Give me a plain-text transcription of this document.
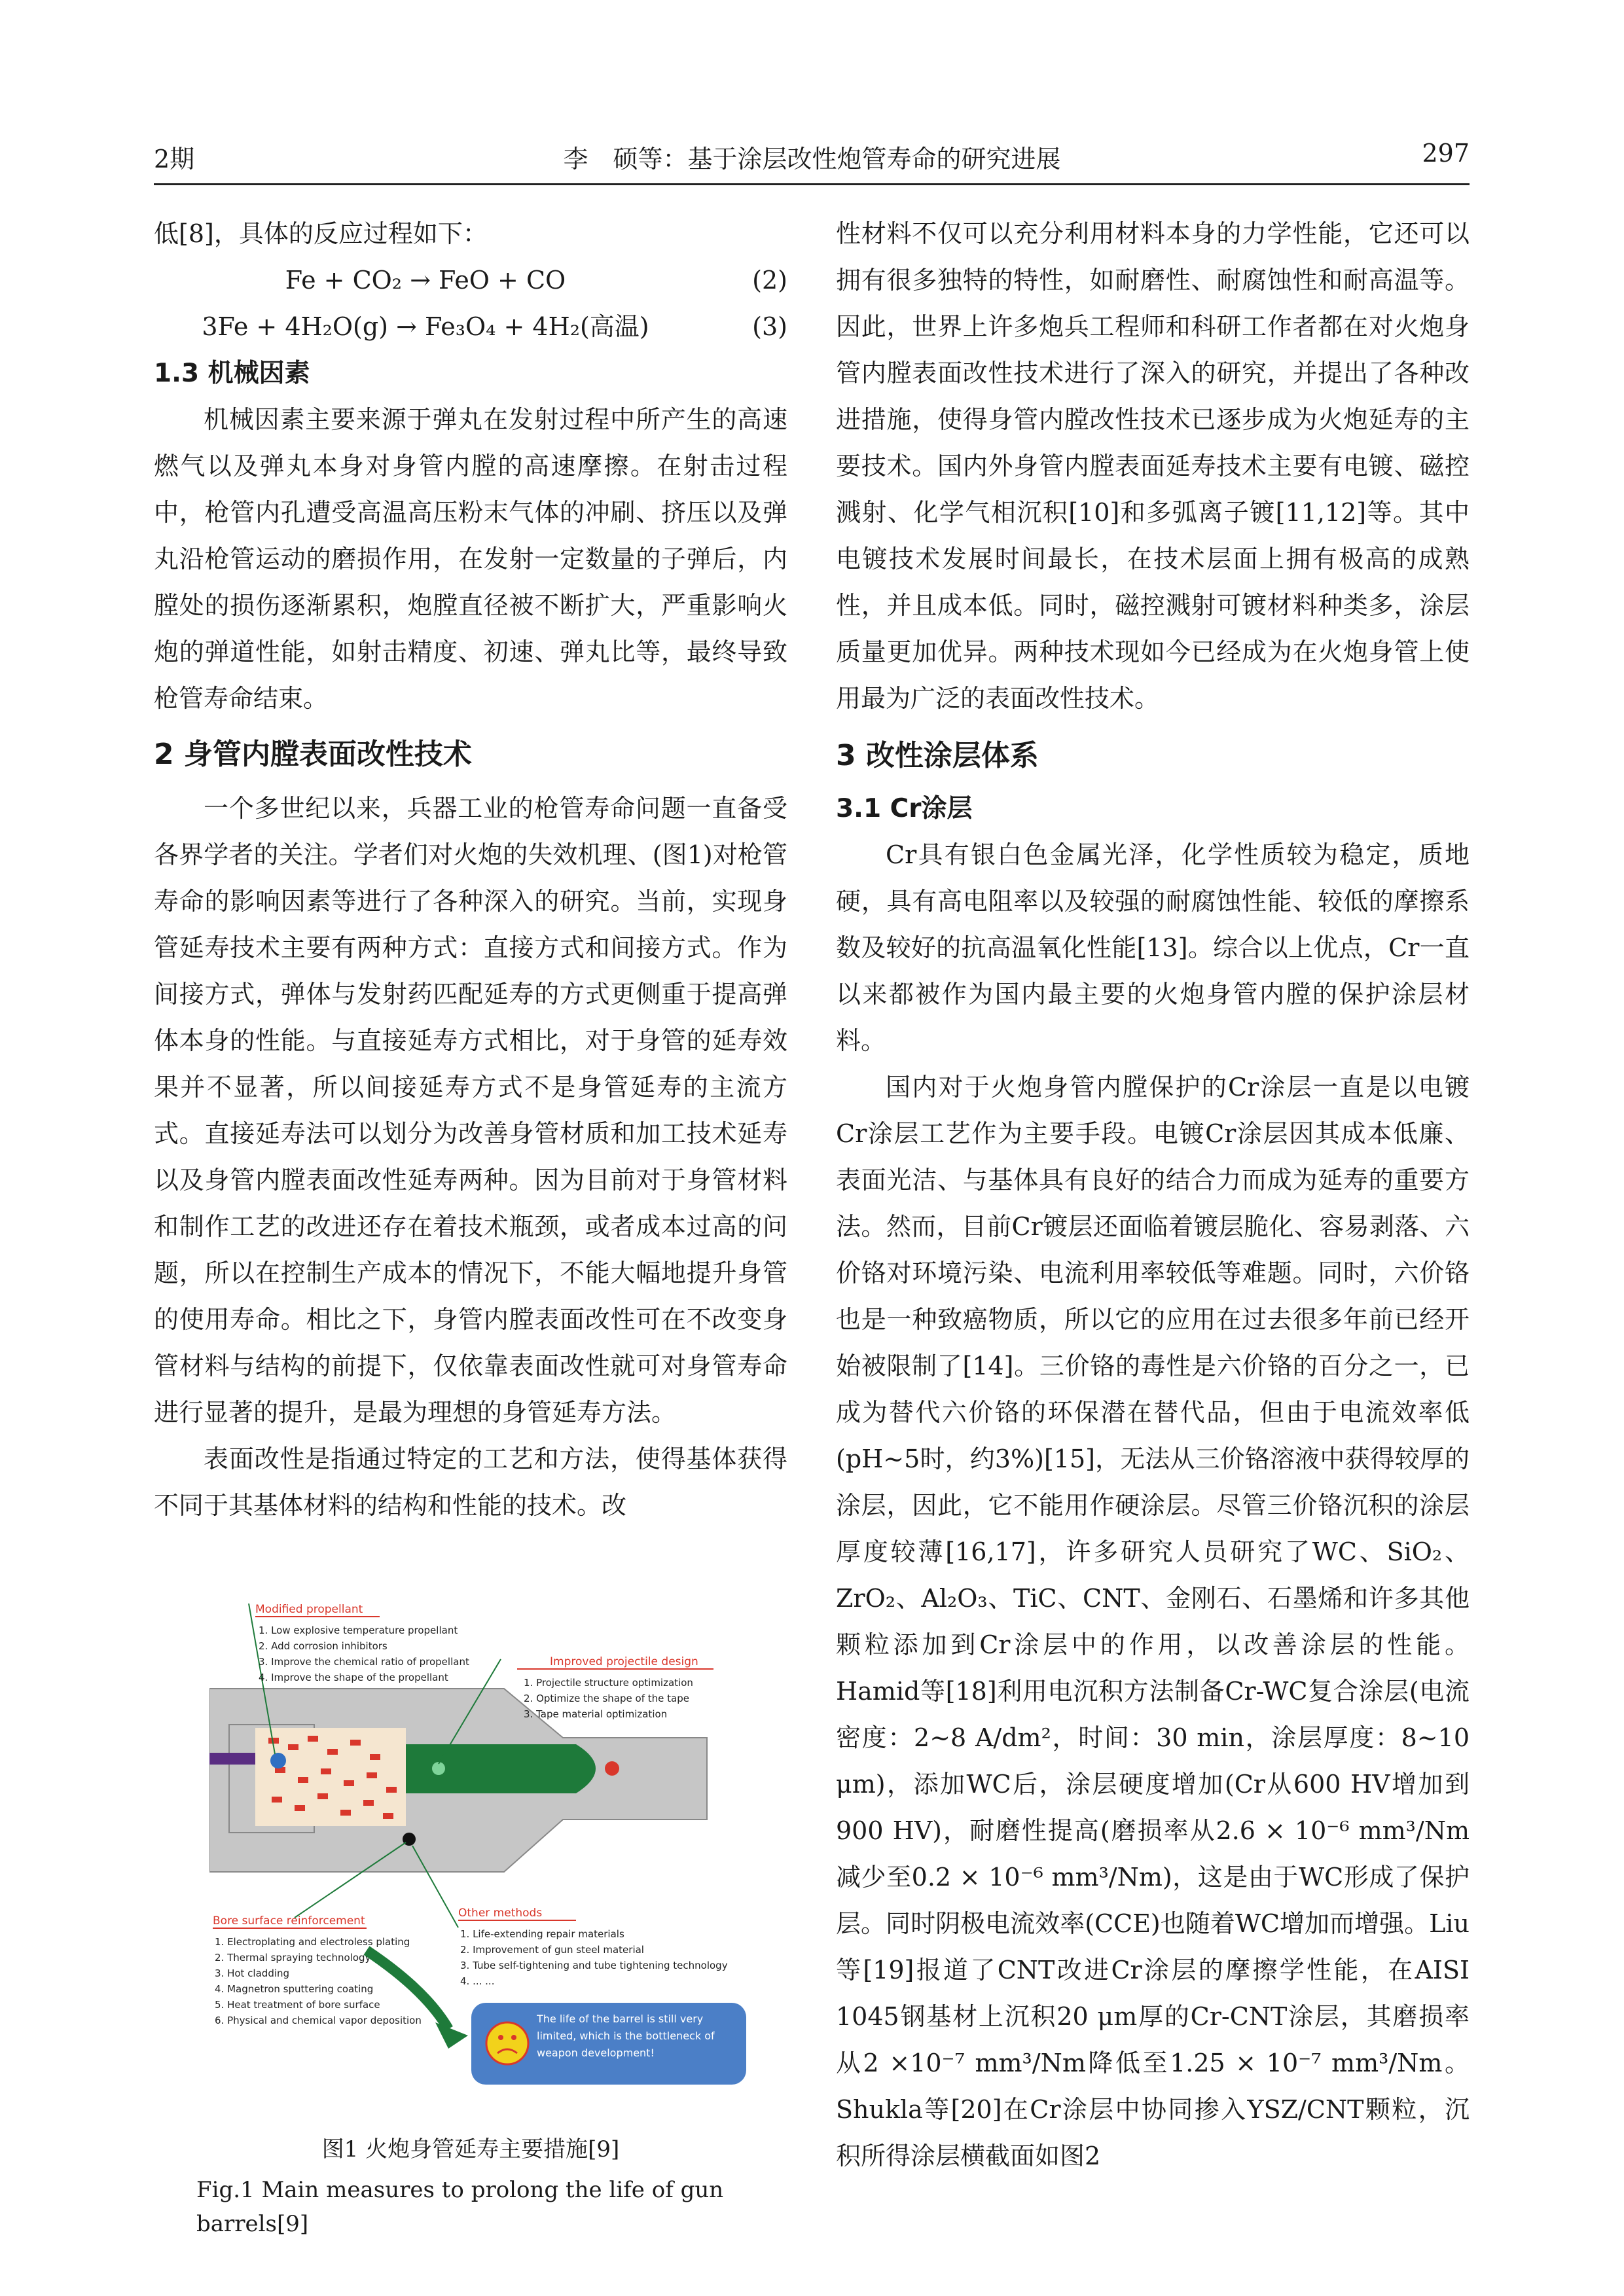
2期	李　硕等：基于涂层改性炮管寿命的研究进展	297

低[8]，具体的反应过程如下：

Fe + CO₂ → FeO + CO	(2)
3Fe + 4H₂O(g) → Fe₃O₄ + 4H₂(高温)	(3)

1.3 机械因素

机械因素主要来源于弹丸在发射过程中所产生的高速燃气以及弹丸本身对身管内膛的高速摩擦。在射击过程中，枪管内孔遭受高温高压粉末气体的冲刷、挤压以及弹丸沿枪管运动的磨损作用，在发射一定数量的子弹后，内膛处的损伤逐渐累积，炮膛直径被不断扩大，严重影响火炮的弹道性能，如射击精度、初速、弹丸比等，最终导致枪管寿命结束。

2 身管内膛表面改性技术

一个多世纪以来，兵器工业的枪管寿命问题一直备受各界学者的关注。学者们对火炮的失效机理、(图1)对枪管寿命的影响因素等进行了各种深入的研究。当前，实现身管延寿技术主要有两种方式：直接方式和间接方式。作为间接方式，弹体与发射药匹配延寿的方式更侧重于提高弹体本身的性能。与直接延寿方式相比，对于身管的延寿效果并不显著，所以间接延寿方式不是身管延寿的主流方式。直接延寿法可以划分为改善身管材质和加工技术延寿以及身管内膛表面改性延寿两种。因为目前对于身管材料和制作工艺的改进还存在着技术瓶颈，或者成本过高的问题，所以在控制生产成本的情况下，不能大幅地提升身管的使用寿命。相比之下，身管内膛表面改性可在不改变身管材料与结构的前提下，仅依靠表面改性就可对身管寿命进行显著的提升，是最为理想的身管延寿方法。

表面改性是指通过特定的工艺和方法，使得基体获得不同于其基体材料的结构和性能的技术。改

Modified propellant
1. Low explosive temperature propellant
2. Add corrosion inhibitors
3. Improve the chemical ratio of propellant
4. Improve the shape of the propellant
Improved projectile design
1. Projectile structure optimization
2. Optimize the shape of the tape
3. Tape material optimization
Bore surface reinforcement
1. Electroplating and electroless plating
2. Thermal spraying technology
3. Hot cladding
4. Magnetron sputtering coating
5. Heat treatment of bore surface
6. Physical and chemical vapor deposition
Other methods
1. Life-extending repair materials
2. Improvement of gun steel material
3. Tube self-tightening and tube tightening technology
4. ... ...
The life of the barrel is still very limited, which is the bottleneck of weapon development!
图1 火炮身管延寿主要措施[9]
Fig.1 Main measures to prolong the life of gun barrels[9]

性材料不仅可以充分利用材料本身的力学性能，它还可以拥有很多独特的特性，如耐磨性、耐腐蚀性和耐高温等。因此，世界上许多炮兵工程师和科研工作者都在对火炮身管内膛表面改性技术进行了深入的研究，并提出了各种改进措施，使得身管内膛改性技术已逐步成为火炮延寿的主要技术。国内外身管内膛表面延寿技术主要有电镀、磁控溅射、化学气相沉积[10]和多弧离子镀[11,12]等。其中电镀技术发展时间最长，在技术层面上拥有极高的成熟性，并且成本低。同时，磁控溅射可镀材料种类多，涂层质量更加优异。两种技术现如今已经成为在火炮身管上使用最为广泛的表面改性技术。

3 改性涂层体系

3.1 Cr涂层

Cr具有银白色金属光泽，化学性质较为稳定，质地硬，具有高电阻率以及较强的耐腐蚀性能、较低的摩擦系数及较好的抗高温氧化性能[13]。综合以上优点，Cr一直以来都被作为国内最主要的火炮身管内膛的保护涂层材料。

国内对于火炮身管内膛保护的Cr涂层一直是以电镀Cr涂层工艺作为主要手段。电镀Cr涂层因其成本低廉、表面光洁、与基体具有良好的结合力而成为延寿的重要方法。然而，目前Cr镀层还面临着镀层脆化、容易剥落、六价铬对环境污染、电流利用率较低等难题。同时，六价铬也是一种致癌物质，所以它的应用在过去很多年前已经开始被限制了[14]。三价铬的毒性是六价铬的百分之一，已成为替代六价铬的环保潜在替代品，但由于电流效率低(pH~5时，约3%)[15]，无法从三价铬溶液中获得较厚的涂层，因此，它不能用作硬涂层。尽管三价铬沉积的涂层厚度较薄[16,17]，许多研究人员研究了WC、SiO₂、ZrO₂、Al₂O₃、TiC、CNT、金刚石、石墨烯和许多其他颗粒添加到Cr涂层中的作用，以改善涂层的性能。Hamid等[18]利用电沉积方法制备Cr-WC复合涂层(电流密度：2~8 A/dm²，时间：30 min，涂层厚度：8~10 μm)，添加WC后，涂层硬度增加(Cr从600 HV增加到900 HV)，耐磨性提高(磨损率从2.6 × 10⁻⁶ mm³/Nm减少至0.2 × 10⁻⁶ mm³/Nm)，这是由于WC形成了保护层。同时阴极电流效率(CCE)也随着WC增加而增强。Liu等[19]报道了CNT改进Cr涂层的摩擦学性能，在AISI 1045钢基材上沉积20 μm厚的Cr-CNT涂层，其磨损率从2 ×10⁻⁷ mm³/Nm降低至1.25 × 10⁻⁷ mm³/Nm。Shukla等[20]在Cr涂层中协同掺入YSZ/CNT颗粒，沉积所得涂层横截面如图2
